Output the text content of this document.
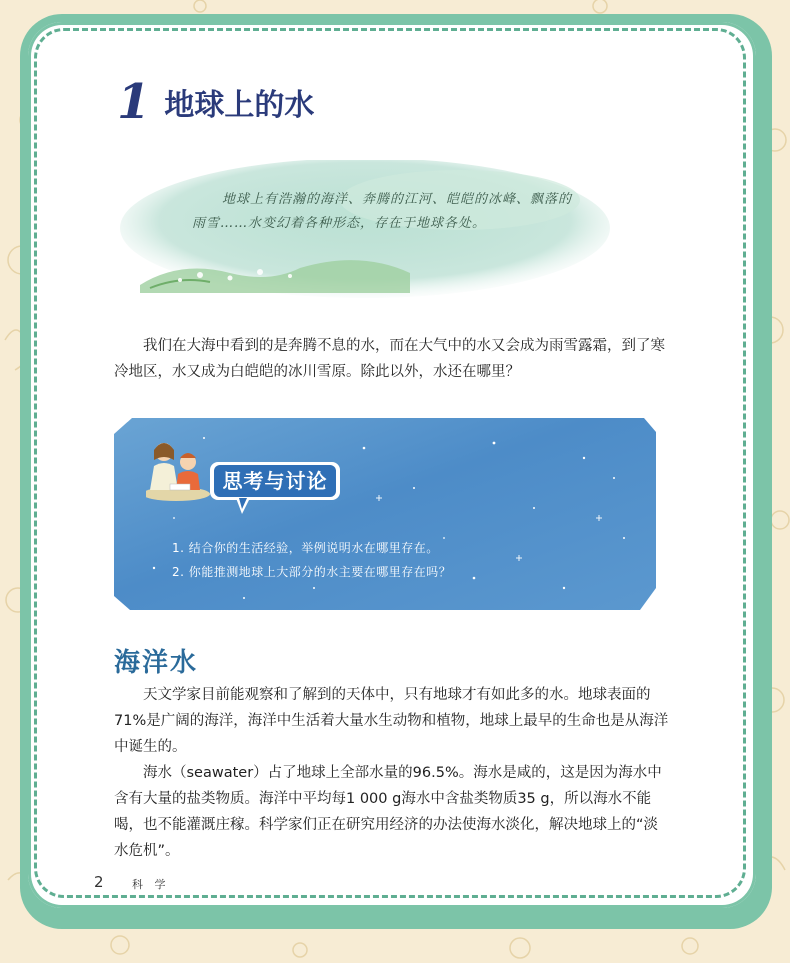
1 地球上的水

地球上有浩瀚的海洋、奔腾的江河、皑皑的冰峰、飘落的

雨雪……水变幻着各种形态，存在于地球各处。

我们在大海中看到的是奔腾不息的水，而在大气中的水又会成为雨雪露霜，到了寒冷地区，水又成为白皑皑的冰川雪原。除此以外，水还在哪里？

思考与讨论
1. 结合你的生活经验，举例说明水在哪里存在。
2. 你能推测地球上大部分的水主要在哪里存在吗？
海洋水

天文学家目前能观察和了解到的天体中，只有地球才有如此多的水。地球表面的71%是广阔的海洋，海洋中生活着大量水生动物和植物，地球上最早的生命也是从海洋中诞生的。

海水（seawater）占了地球上全部水量的96.5%。海水是咸的，这是因为海水中含有大量的盐类物质。海洋中平均每1 000 g海水中含盐类物质35 g，所以海水不能喝，也不能灌溉庄稼。科学家们正在研究用经济的办法使海水淡化，解决地球上的“淡水危机”。

2	科 学
